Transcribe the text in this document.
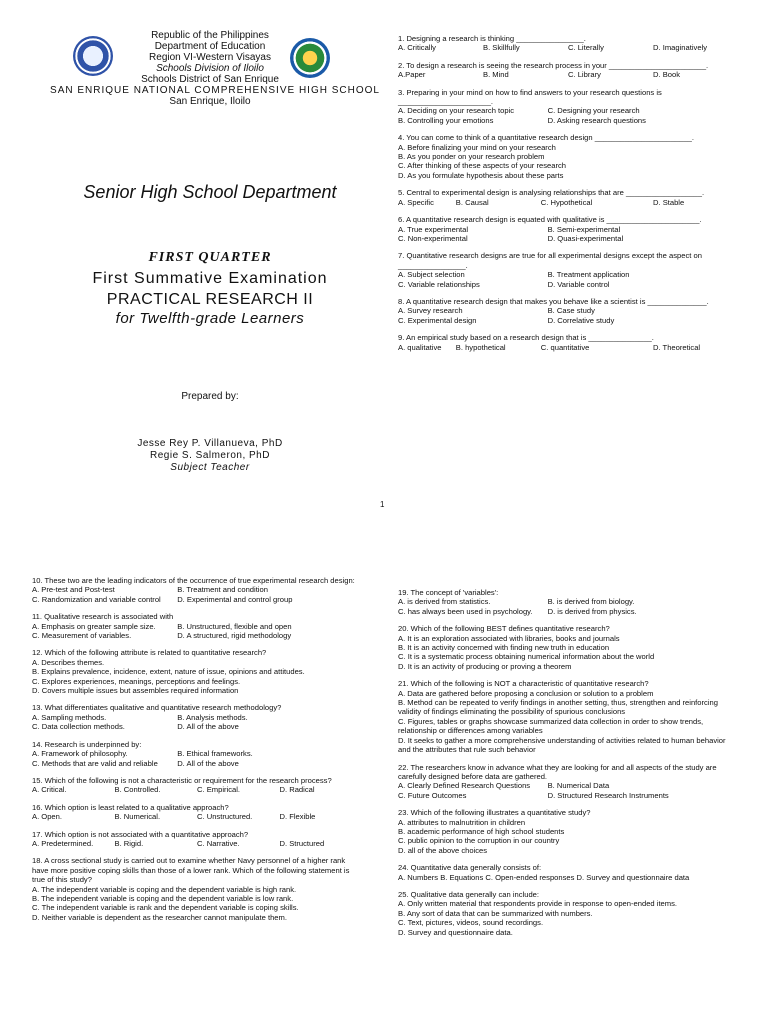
Republic of the Philippines
Department of Education
Region VI-Western Visayas
Schools Division of Iloilo
Schools District of San Enrique
SAN ENRIQUE NATIONAL COMPREHENSIVE HIGH SCHOOL
San Enrique, Iloilo
Senior High School Department
FIRST QUARTER
First Summative Examination
PRACTICAL RESEARCH II
for Twelfth-grade Learners
Prepared by:
Jesse Rey P. Villanueva, PhD
Regie S. Salmeron, PhD
Subject Teacher
1. Designing a research is thinking ________________.
A. Critically	B. Skillfully	C. Literally	D. Imaginatively
2. To design a research is seeing the research process in your _______________________.
A.Paper	B. Mind	C. Library	D. Book
3. Preparing in your mind on how to find answers to your research questions is ______________________.
A. Deciding on your research topic	C. Designing your research
B. Controlling your emotions	D. Asking research questions
4. You can come to think of a quantitative research design _______________________.
A. Before finalizing your mind on your research
B. As you ponder on your research problem
C. After thinking of these aspects of your research
D. As you formulate hypothesis about these parts
5. Central to experimental design is analysing relationships that are __________________.
A. Specific	B. Causal	C. Hypothetical	D. Stable
6. A quantitative research design is equated with qualitative is ______________________.
A. True experimental	B. Semi-experimental
C. Non-experimental	D. Quasi-experimental
7. Quantitative research designs are true for all experimental designs except the aspect on ________________.
A. Subject selection	B. Treatment application
C. Variable relationships	D. Variable control
8. A quantitative research design that makes you behave like a scientist is ______________.
A. Survey research	B. Case study
C. Experimental design	D. Correlative study
9. An empirical study based on a research design that is _______________.
A. qualitative	B. hypothetical	C. quantitative	D. Theoretical
1
10. These two are the leading indicators of the occurrence of true experimental research design:
A. Pre-test and Post-test	B. Treatment and condition
C. Randomization and variable control	D. Experimental and control group
11. Qualitative research is associated with
A. Emphasis on greater sample size.	B. Unstructured, flexible and open
C. Measurement of variables.	D. A structured, rigid methodology
12. Which of the following attribute is related to quantitative research?
A. Describes themes.
B. Explains prevalence, incidence, extent, nature of issue, opinions and attitudes.
C. Explores experiences, meanings, perceptions and feelings.
D. Covers multiple issues but assembles required information
13. What differentiates qualitative and quantitative research methodology?
A. Sampling methods.	B. Analysis methods.
C. Data collection methods.	D. All of the above
14. Research is underpinned by:
A. Framework of philosophy.	B. Ethical frameworks.
C. Methods that are valid and reliable	D. All of the above
15. Which of the following is not a characteristic or requirement for the research process?
A. Critical.	B. Controlled.	C. Empirical.	D. Radical
16. Which option is least related to a qualitative approach?
A. Open.	B. Numerical.	C. Unstructured.	D. Flexible
17. Which option is not associated with a quantitative approach?
A. Predetermined.	B. Rigid.	C. Narrative.	D. Structured
18. A cross sectional study is carried out to examine whether Navy personnel of a higher rank have more positive coping skills than those of a lower rank. Which of the following statement is true of this study?
A. The independent variable is coping and the dependent variable is high rank.
B. The independent variable is coping and the dependent variable is low rank.
C. The independent variable is rank and the dependent variable is coping skills.
D. Neither variable is dependent as the researcher cannot manipulate them.
19. The concept of 'variables':
A. is derived from statistics.	B. is derived from biology.
C. has always been used in psychology.	D. is derived from physics.
20. Which of the following BEST defines quantitative research?
A. It is an exploration associated with libraries, books and journals
B. It is an activity concerned with finding new truth in education
C. It is a systematic process obtaining numerical information about the world
D. It is an activity of producing or proving a theorem
21. Which of the following is NOT a characteristic of quantitative research?
A. Data are gathered before proposing a conclusion or solution to a problem
B. Method can be repeated to verify findings in another setting, thus, strengthen and reinforcing validity of findings eliminating the possibility of spurious conclusions
C. Figures, tables or graphs showcase summarized data collection in order to show trends, relationship or differences among variables
D. It seeks to gather a more comprehensive understanding of activities related to human behavior and the attributes that rule such behavior
22. The researchers know in advance what they are looking for and all aspects of the study are carefully designed before data are gathered.
A. Clearly Defined Research Questions	B. Numerical Data
C. Future Outcomes	D. Structured Research Instruments
23. Which of the following illustrates a quantitative study?
A. attributes to malnutrition in children
B. academic performance of high school students
C. public opinion to the corruption in our country
D. all of the above choices
24. Quantitative data generally consists of:
A. Numbers B. Equations C. Open-ended responses D. Survey and questionnaire data
25. Qualitative data generally can include:
A. Only written material that respondents provide in response to open-ended items.
B. Any sort of data that can be summarized with numbers.
C. Text, pictures, videos, sound recordings.
D. Survey and questionnaire data.
